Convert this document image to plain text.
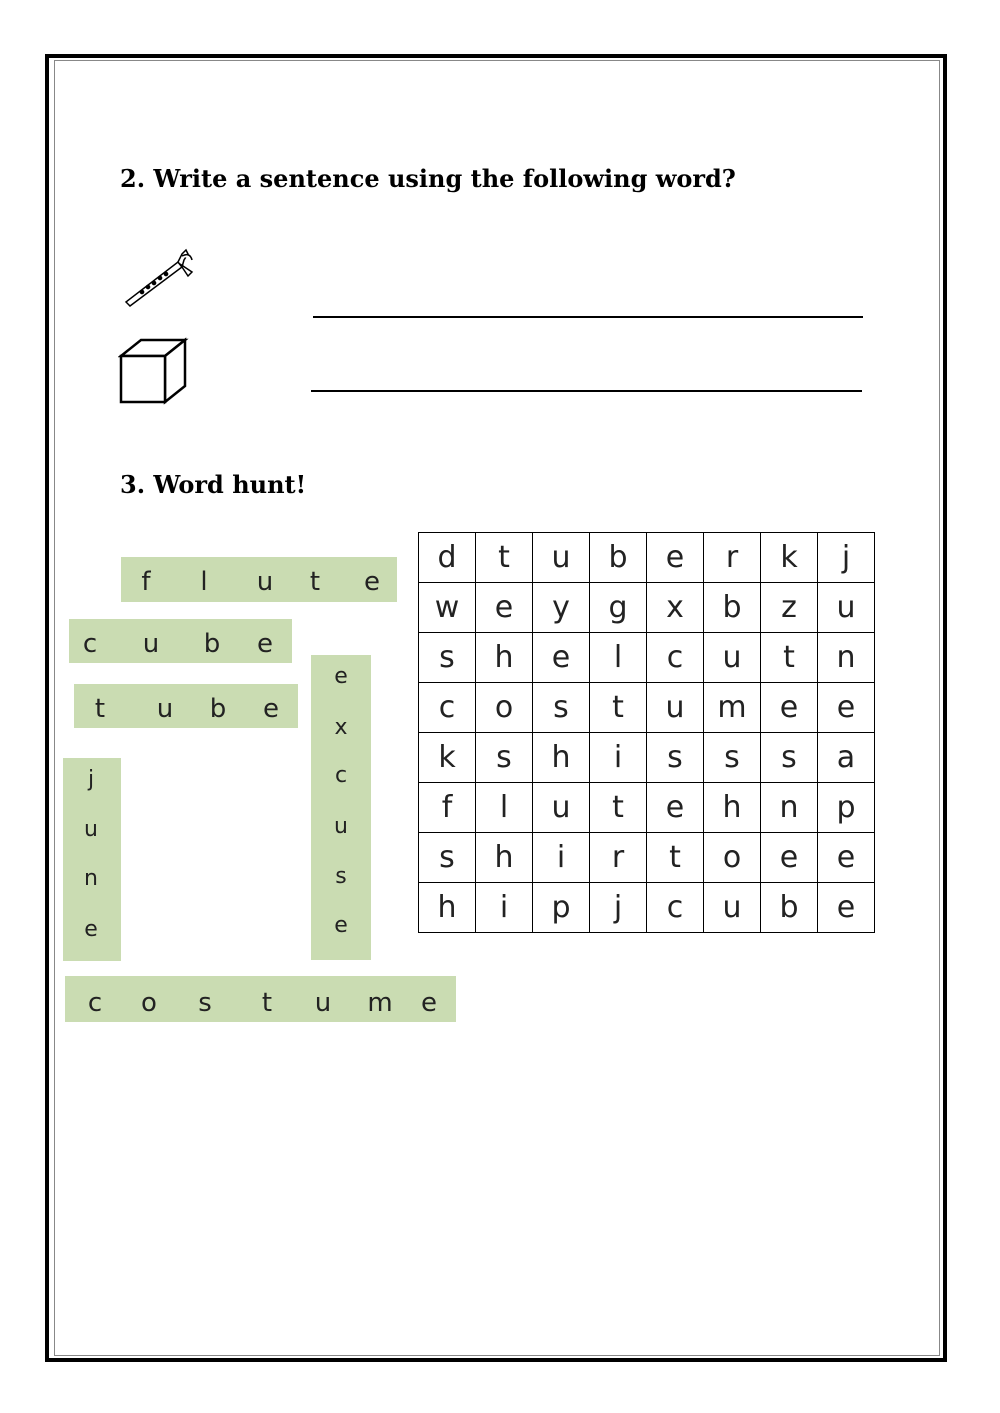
2. Write a sentence using the following word?
3. Word hunt!
f l u t e
c u b e
t u b e
c o s t u m e
e
x
c
u
s
e
j
u
n
e
d	t	u	b	e	r	k	j
w	e	y	g	x	b	z	u
s	h	e	l	c	u	t	n
c	o	s	t	u	m	e	e
k	s	h	i	s	s	s	a
f	l	u	t	e	h	n	p
s	h	i	r	t	o	e	e
h	i	p	j	c	u	b	e
